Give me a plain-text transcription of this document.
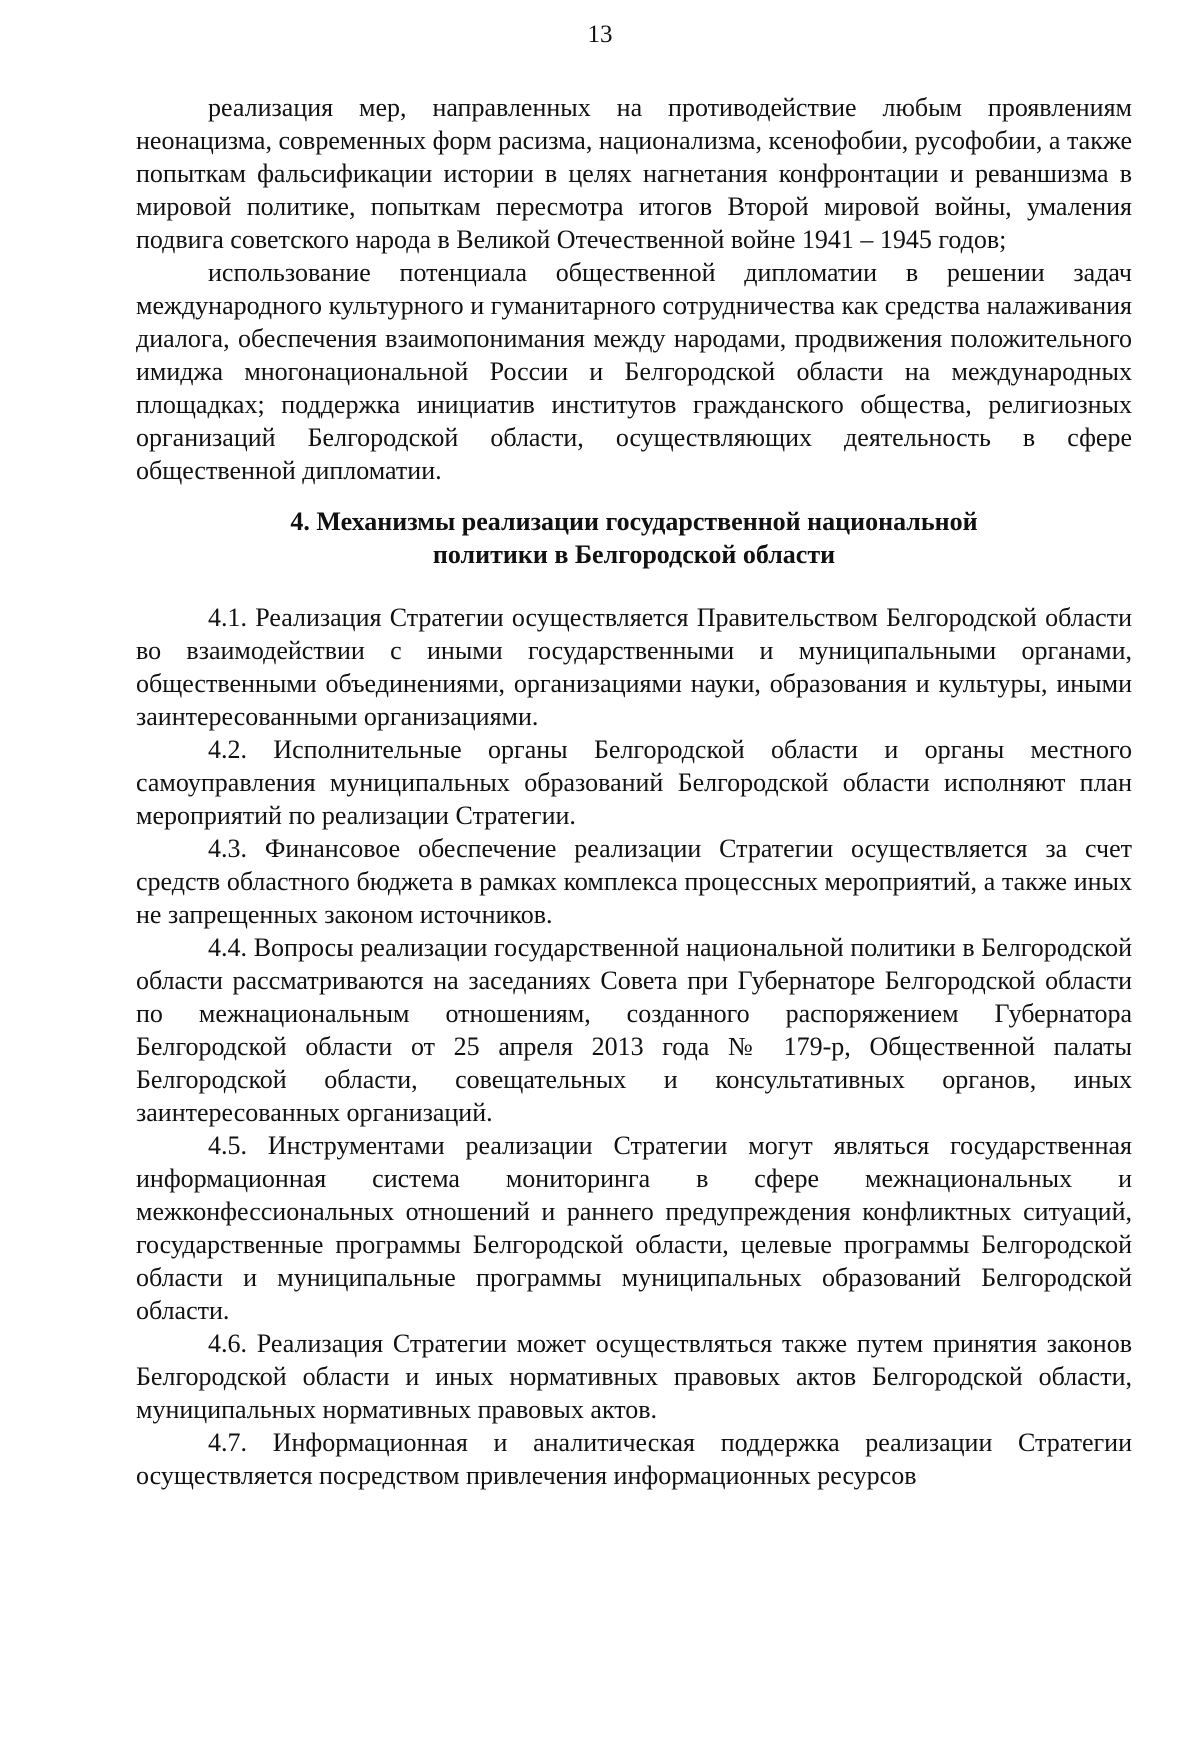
13

реализация мер, направленных на противодействие любым проявлениям неонацизма, современных форм расизма, национализма, ксенофобии, русофобии, а также попыткам фальсификации истории в целях нагнетания конфронтации и реваншизма в мировой политике, попыткам пересмотра итогов Второй мировой войны, умаления подвига советского народа в Великой Отечественной войне 1941 – 1945 годов;

использование потенциала общественной дипломатии в решении задач международного культурного и гуманитарного сотрудничества как средства налаживания диалога, обеспечения взаимопонимания между народами, продвижения положительного имиджа многонациональной России и Белгородской области на международных площадках; поддержка инициатив институтов гражданского общества, религиозных организаций Белгородской области, осуществляющих деятельность в сфере общественной дипломатии.

4. Механизмы реализации государственной национальной
политики в Белгородской области

4.1. Реализация Стратегии осуществляется Правительством Белгородской области во взаимодействии с иными государственными и муниципальными органами, общественными объединениями, организациями науки, образования и культуры, иными заинтересованными организациями.

4.2. Исполнительные органы Белгородской области и органы местного самоуправления муниципальных образований Белгородской области исполняют план мероприятий по реализации Стратегии.

4.3. Финансовое обеспечение реализации Стратегии осуществляется за счет средств областного бюджета в рамках комплекса процессных мероприятий, а также иных не запрещенных законом источников.

4.4. Вопросы реализации государственной национальной политики в Белгородской области рассматриваются на заседаниях Совета при Губернаторе Белгородской области по межнациональным отношениям, созданного распоряжением Губернатора Белгородской области от 25 апреля 2013 года № 179-р, Общественной палаты Белгородской области, совещательных и консультативных органов, иных заинтересованных организаций.

4.5. Инструментами реализации Стратегии могут являться государственная информационная система мониторинга в сфере межнациональных и межконфессиональных отношений и раннего предупреждения конфликтных ситуаций, государственные программы Белгородской области, целевые программы Белгородской области и муниципальные программы муниципальных образований Белгородской области.

4.6. Реализация Стратегии может осуществляться также путем принятия законов Белгородской области и иных нормативных правовых актов Белгородской области, муниципальных нормативных правовых актов.

4.7. Информационная и аналитическая поддержка реализации Стратегии осуществляется посредством привлечения информационных ресурсов
